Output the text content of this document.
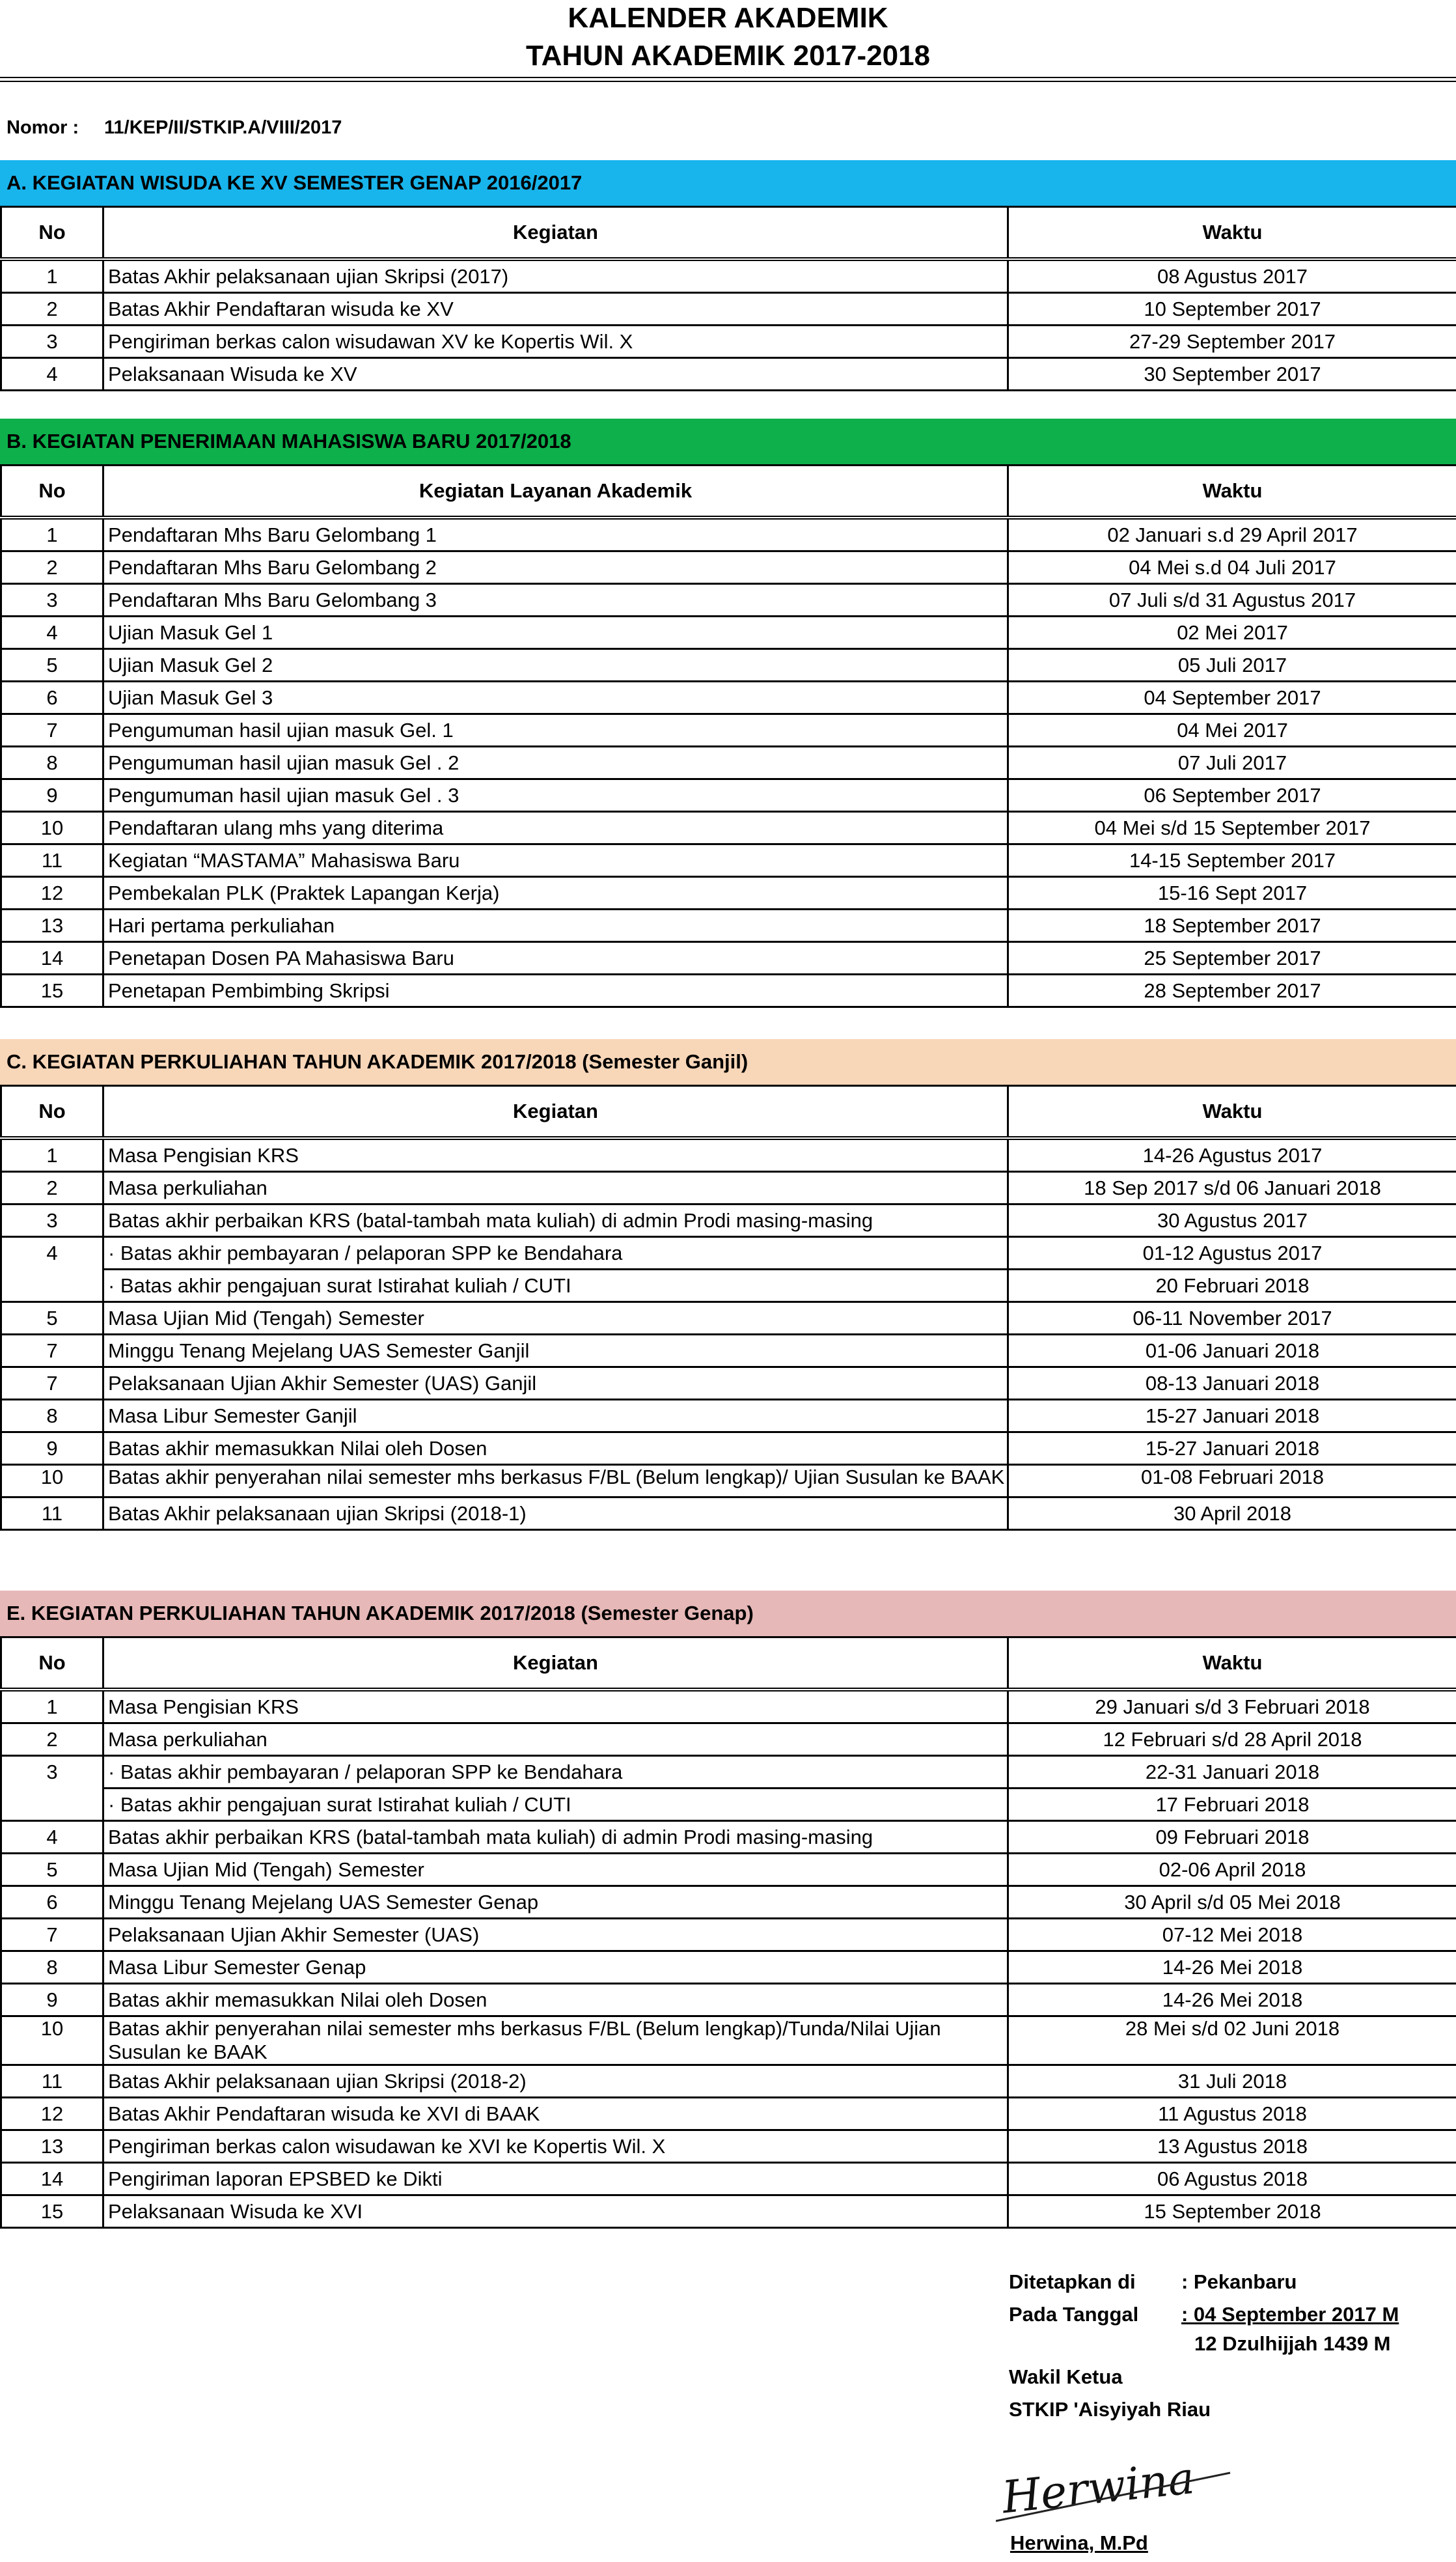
KALENDER AKADEMIK
TAHUN AKADEMIK 2017-2018
Nomor : 11/KEP/II/STKIP.A/VIII/2017
A. KEGIATAN WISUDA KE XV SEMESTER GENAP 2016/2017
No	Kegiatan	Waktu
1	Batas Akhir pelaksanaan ujian Skripsi (2017)	08 Agustus 2017
2	Batas Akhir Pendaftaran wisuda ke XV	10 September 2017
3	Pengiriman berkas calon wisudawan XV ke Kopertis Wil. X	27-29 September 2017
4	Pelaksanaan Wisuda ke XV	30 September 2017
B. KEGIATAN PENERIMAAN MAHASISWA BARU 2017/2018
No	Kegiatan Layanan Akademik	Waktu
1	Pendaftaran Mhs Baru Gelombang 1	02 Januari s.d 29 April 2017
2	Pendaftaran Mhs Baru Gelombang 2	04 Mei s.d 04 Juli 2017
3	Pendaftaran Mhs Baru Gelombang 3	07 Juli s/d 31 Agustus 2017
4	Ujian Masuk Gel 1	02 Mei 2017
5	Ujian Masuk Gel 2	05 Juli 2017
6	Ujian Masuk Gel 3	04 September 2017
7	Pengumuman hasil ujian masuk Gel. 1	04 Mei 2017
8	Pengumuman hasil ujian masuk Gel . 2	07 Juli 2017
9	Pengumuman hasil ujian masuk Gel . 3	06 September 2017
10	Pendaftaran ulang mhs yang diterima	04 Mei s/d 15 September 2017
11	Kegiatan “MASTAMA” Mahasiswa Baru	14-15 September 2017
12	Pembekalan PLK (Praktek Lapangan Kerja)	15-16 Sept 2017
13	Hari pertama perkuliahan	18 September 2017
14	Penetapan Dosen PA Mahasiswa Baru	25 September 2017
15	Penetapan Pembimbing Skripsi	28 September 2017
C. KEGIATAN PERKULIAHAN TAHUN AKADEMIK 2017/2018 (Semester Ganjil)
No	Kegiatan	Waktu
1	Masa Pengisian KRS	14-26 Agustus 2017
2	Masa perkuliahan	18 Sep 2017 s/d 06 Januari 2018
3	Batas akhir perbaikan KRS (batal-tambah mata kuliah) di admin Prodi masing-masing	30 Agustus 2017
4	· Batas akhir pembayaran / pelaporan SPP ke Bendahara	01-12 Agustus 2017
	· Batas akhir pengajuan surat Istirahat kuliah / CUTI	20 Februari 2018
5	Masa Ujian Mid (Tengah) Semester	06-11 November 2017
7	Minggu Tenang Mejelang UAS Semester Ganjil	01-06 Januari 2018
7	Pelaksanaan Ujian Akhir Semester (UAS) Ganjil	08-13 Januari 2018
8	Masa Libur Semester Ganjil	15-27 Januari 2018
9	Batas akhir memasukkan Nilai oleh Dosen	15-27 Januari 2018
10	Batas akhir penyerahan nilai semester mhs berkasus F/BL (Belum lengkap)/ Ujian Susulan ke BAAK	01-08 Februari 2018
11	Batas Akhir pelaksanaan ujian Skripsi (2018-1)	30 April 2018
E. KEGIATAN PERKULIAHAN TAHUN AKADEMIK 2017/2018 (Semester Genap)
No	Kegiatan	Waktu
1	Masa Pengisian KRS	29 Januari s/d 3 Februari 2018
2	Masa perkuliahan	12 Februari s/d 28 April 2018
3	· Batas akhir pembayaran / pelaporan SPP ke Bendahara	22-31 Januari 2018
	· Batas akhir pengajuan surat Istirahat kuliah / CUTI	17 Februari 2018
4	Batas akhir perbaikan KRS (batal-tambah mata kuliah) di admin Prodi masing-masing	09 Februari 2018
5	Masa Ujian Mid (Tengah) Semester	02-06 April 2018
6	Minggu Tenang Mejelang UAS Semester Genap	30 April s/d 05 Mei 2018
7	Pelaksanaan Ujian Akhir Semester (UAS)	07-12 Mei 2018
8	Masa Libur Semester Genap	14-26 Mei 2018
9	Batas akhir memasukkan Nilai oleh Dosen	14-26 Mei 2018
10	Batas akhir penyerahan nilai semester mhs berkasus F/BL (Belum lengkap)/Tunda/Nilai Ujian Susulan ke BAAK	28 Mei s/d 02 Juni 2018
11	Batas Akhir pelaksanaan ujian Skripsi (2018-2)	31 Juli 2018
12	Batas Akhir Pendaftaran wisuda ke XVI di BAAK	11 Agustus 2018
13	Pengiriman berkas calon wisudawan ke XVI ke Kopertis Wil. X	13 Agustus 2018
14	Pengiriman laporan EPSBED ke Dikti	06 Agustus 2018
15	Pelaksanaan Wisuda ke XVI	15 September 2018
Ditetapkan di : Pekanbaru
Pada Tanggal : 04 September 2017 M
12 Dzulhijjah 1439 M
Wakil Ketua
STKIP 'Aisyiyah Riau
Herwina
Herwina, M.Pd
